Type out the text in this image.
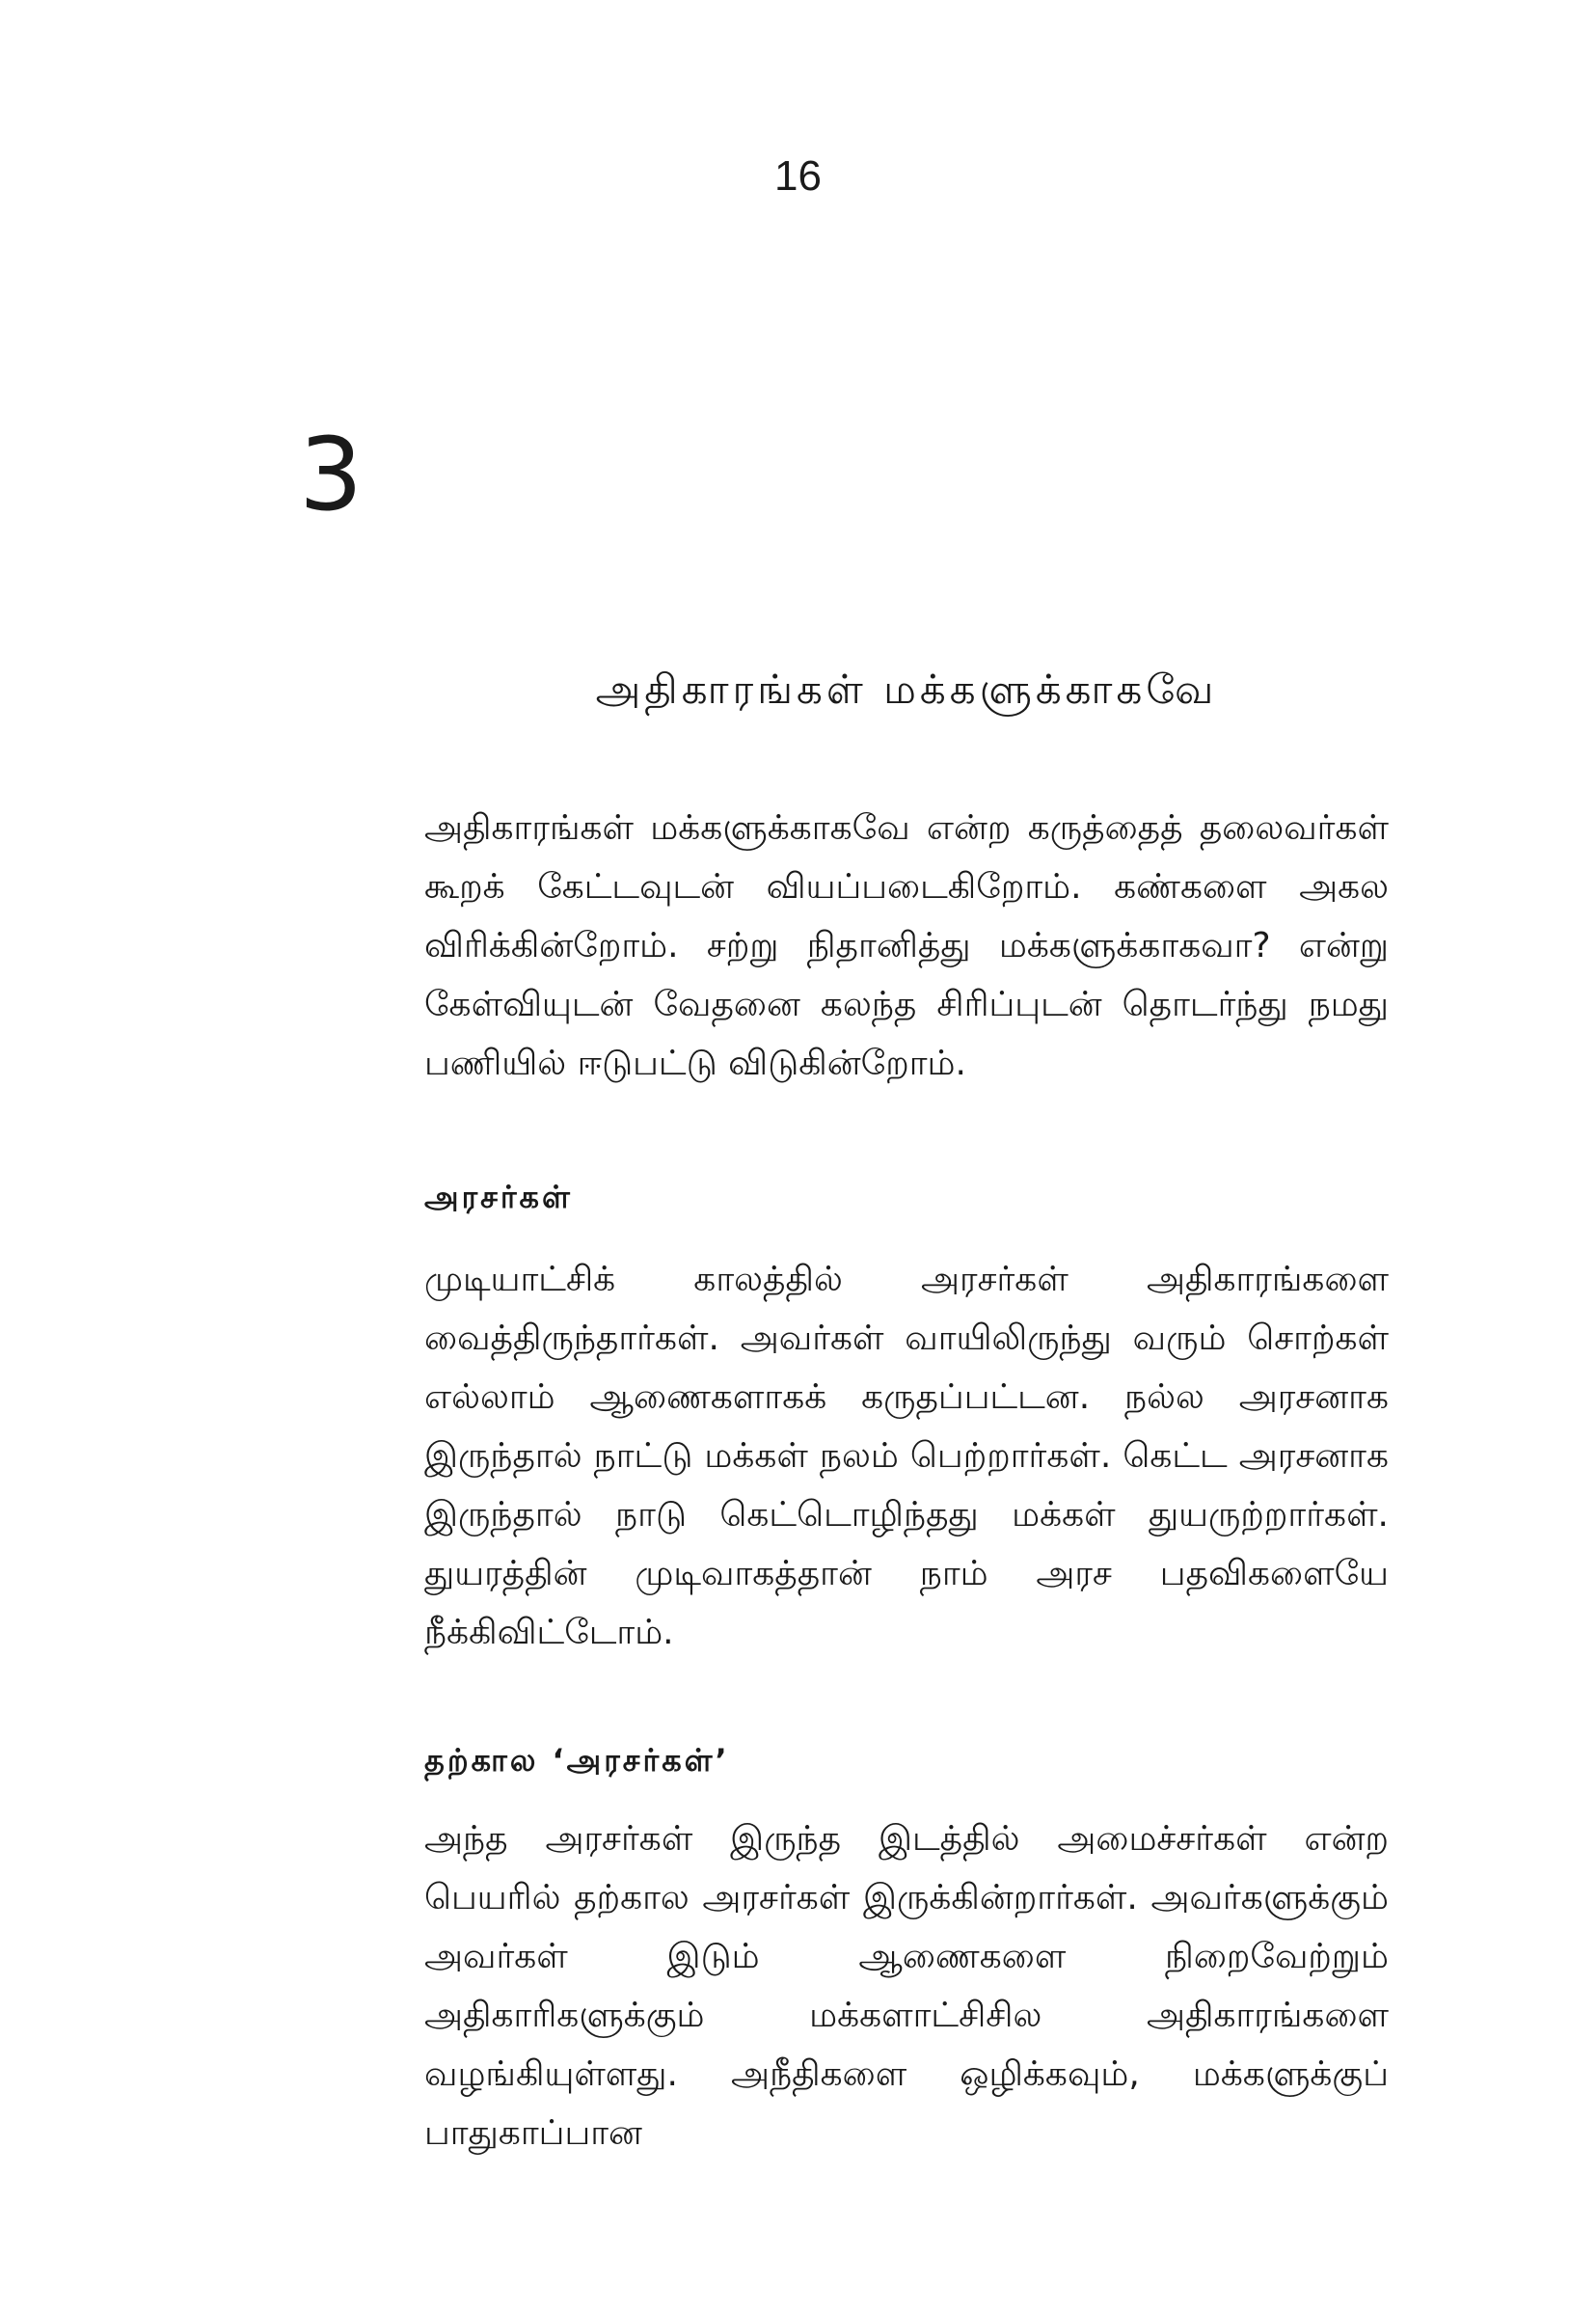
16
3
அதிகாரங்கள் மக்களுக்காகவே

அதிகாரங்கள் மக்களுக்காகவே என்ற கருத்தைத் தலைவர்கள் கூறக் கேட்டவுடன் வியப்படைகிறோம். கண்களை அகல விரிக்கின்றோம். சற்று நிதானித்து மக்களுக்காகவா? என்று கேள்வியுடன் வேதனை கலந்த சிரிப்புடன் தொடர்ந்து நமது பணியில் ஈடுபட்டு விடுகின்றோம்.

அரசர்கள்

முடியாட்சிக் காலத்தில் அரசர்கள் அதிகாரங்களை வைத்திருந்தார்கள். அவர்கள் வாயிலிருந்து வரும் சொற்கள் எல்லாம் ஆணைகளாகக் கருதப்பட்டன. நல்ல அரசனாக இருந்தால் நாட்டு மக்கள் நலம் பெற்றார்கள். கெட்ட அரசனாக இருந்தால் நாடு கெட்டொழிந்தது மக்கள் துயருற்றார்கள். துயரத்தின் முடிவாகத்தான் நாம் அரச பதவிகளையே நீக்கிவிட்டோம்.

தற்கால ‘அரசர்கள்’

அந்த அரசர்கள் இருந்த இடத்தில் அமைச்சர்கள் என்ற பெயரில் தற்கால அரசர்கள் இருக்கின்றார்கள். அவர்களுக்கும் அவர்கள் இடும் ஆணைகளை நிறைவேற்றும் அதிகாரிகளுக்கும் மக்களாட்சிசில அதிகாரங்களை வழங்கியுள்ளது. அநீதிகளை ஒழிக்கவும், மக்களுக்குப் பாதுகாப்பான
